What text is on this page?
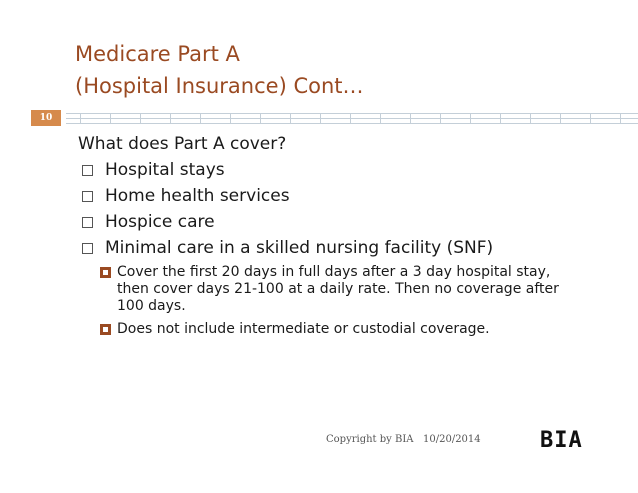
Medicare Part A
(Hospital Insurance) Cont…
10
What does Part A cover?
Hospital stays
Home health services
Hospice care
Minimal care in a skilled nursing facility (SNF)
Cover the first 20 days in full days after a 3 day hospital stay, then cover days 21-100 at a daily rate. Then no coverage after 100 days.
Does not include intermediate or custodial coverage.
Copyright by BIA 10/20/2014	BIA
